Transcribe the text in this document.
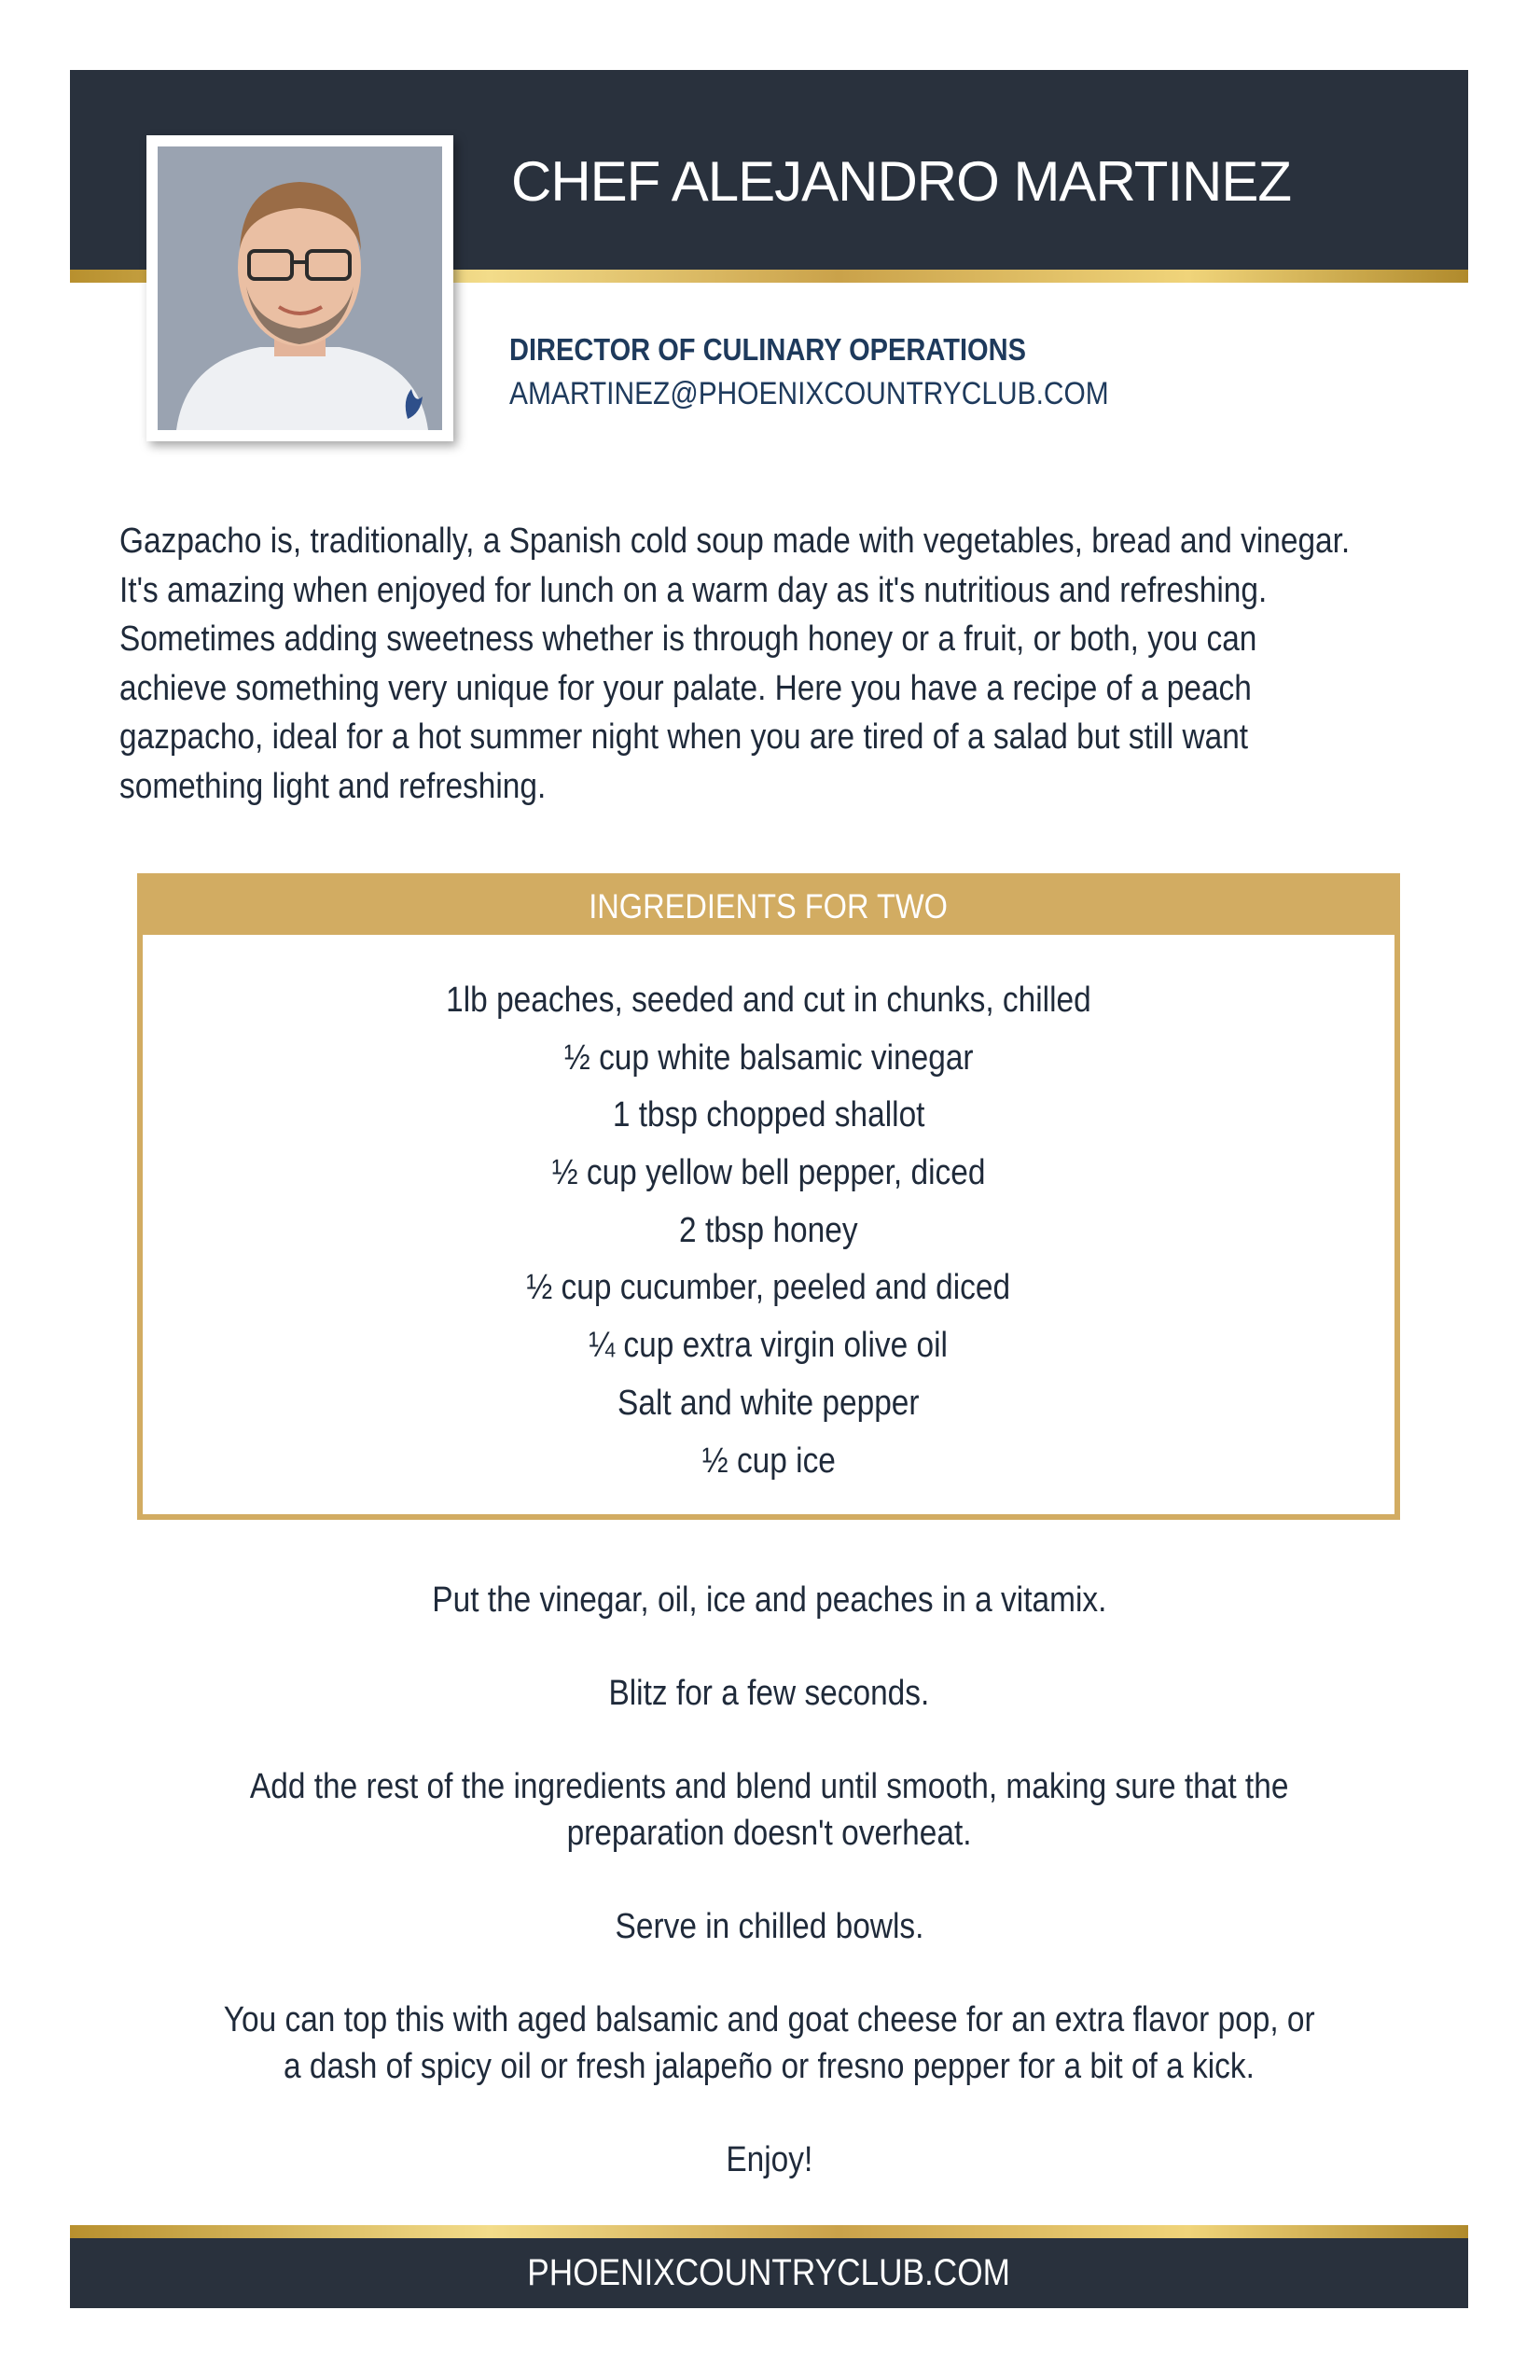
CHEF ALEJANDRO MARTINEZ
DIRECTOR OF CULINARY OPERATIONS
AMARTINEZ@PHOENIXCOUNTRYCLUB.COM

Gazpacho is, traditionally, a Spanish cold soup made with vegetables, bread and vinegar.

It's amazing when enjoyed for lunch on a warm day as it's nutritious and refreshing.

Sometimes adding sweetness whether is through honey or a fruit, or both, you can

achieve something very unique for your palate. Here you have a recipe of a peach

gazpacho, ideal for a hot summer night when you are tired of a salad but still want

something light and refreshing.

INGREDIENTS FOR TWO
1lb peaches, seeded and cut in chunks, chilled
½ cup white balsamic vinegar
1 tbsp chopped shallot
½ cup yellow bell pepper, diced
2 tbsp honey
½ cup cucumber, peeled and diced
¼ cup extra virgin olive oil
Salt and white pepper
½ cup ice
Put the vinegar, oil, ice and peaches in a vitamix.
Blitz for a few seconds.
Add the rest of the ingredients and blend until smooth, making sure that the
preparation doesn't overheat.
Serve in chilled bowls.
You can top this with aged balsamic and goat cheese for an extra flavor pop, or
a dash of spicy oil or fresh jalapeño or fresno pepper for a bit of a kick.
Enjoy!
PHOENIXCOUNTRYCLUB.COM
